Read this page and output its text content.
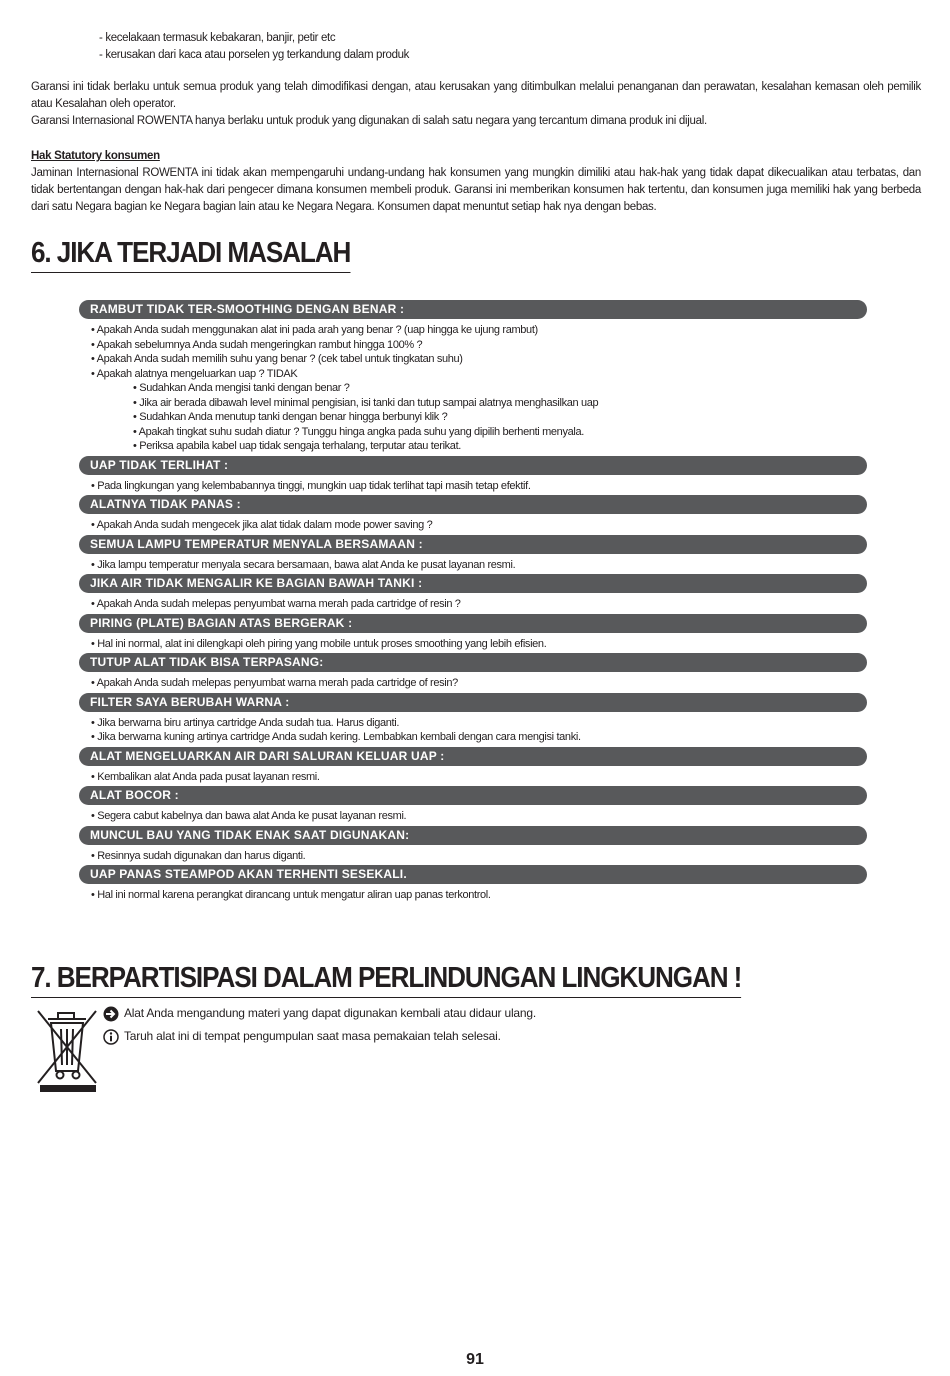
- kecelakaan termasuk kebakaran, banjir, petir etc
- kerusakan dari kaca atau porselen yg terkandung dalam produk
Garansi ini tidak berlaku untuk semua produk yang telah dimodifikasi dengan, atau kerusakan yang ditimbulkan melalui penanganan dan perawatan, kesalahan kemasan oleh pemilik atau Kesalahan oleh operator.
Garansi Internasional ROWENTA hanya berlaku untuk produk yang digunakan di salah satu negara yang tercantum dimana produk ini dijual.
Hak Statutory konsumen
Jaminan Internasional ROWENTA ini tidak akan mempengaruhi undang-undang hak konsumen yang mungkin dimiliki atau hak-hak yang tidak dapat dikecualikan atau terbatas, dan tidak bertentangan dengan hak-hak dari pengecer dimana konsumen membeli produk. Garansi ini memberikan konsumen hak tertentu, dan konsumen juga memiliki hak yang berbeda dari satu Negara bagian ke Negara bagian lain atau ke Negara Negara. Konsumen dapat menuntut setiap hak nya dengan bebas.
6. JIKA TERJADI MASALAH
RAMBUT TIDAK TER-SMOOTHING DENGAN BENAR :
• Apakah Anda sudah menggunakan alat ini pada arah yang benar ? (uap hingga ke ujung rambut)
• Apakah sebelumnya Anda sudah mengeringkan rambut hingga 100% ?
• Apakah Anda sudah memilih suhu yang benar ? (cek tabel untuk tingkatan suhu)
• Apakah alatnya mengeluarkan uap ? TIDAK
• Sudahkan Anda mengisi tanki dengan benar ?
• Jika air berada dibawah level minimal pengisian, isi tanki dan tutup sampai alatnya menghasilkan uap
• Sudahkan Anda menutup tanki dengan benar hingga berbunyi klik ?
• Apakah tingkat suhu sudah diatur ? Tunggu hinga angka pada suhu yang dipilih berhenti menyala.
• Periksa apabila kabel uap tidak sengaja terhalang, terputar atau terikat.
UAP TIDAK TERLIHAT :
• Pada lingkungan yang kelembabannya tinggi, mungkin uap tidak terlihat tapi masih tetap efektif.
ALATNYA TIDAK PANAS :
• Apakah Anda sudah mengecek jika alat tidak dalam mode power saving ?
SEMUA LAMPU TEMPERATUR MENYALA BERSAMAAN :
• Jika lampu temperatur menyala secara bersamaan, bawa alat Anda ke pusat layanan resmi.
JIKA AIR TIDAK MENGALIR KE BAGIAN BAWAH TANKI :
• Apakah Anda sudah melepas penyumbat warna merah pada cartridge of resin ?
PIRING (PLATE) BAGIAN ATAS BERGERAK :
• Hal ini normal, alat ini dilengkapi oleh piring yang mobile untuk proses smoothing yang lebih efisien.
TUTUP ALAT TIDAK BISA TERPASANG:
• Apakah Anda sudah melepas penyumbat warna merah pada cartridge of resin?
FILTER SAYA BERUBAH WARNA :
• Jika berwarna biru artinya cartridge Anda sudah tua. Harus diganti.
• Jika berwarna kuning artinya cartridge Anda sudah kering. Lembabkan kembali dengan cara mengisi tanki.
ALAT MENGELUARKAN AIR DARI SALURAN KELUAR UAP :
• Kembalikan alat Anda pada pusat layanan resmi.
ALAT BOCOR :
• Segera cabut kabelnya dan bawa alat Anda ke pusat layanan resmi.
MUNCUL BAU YANG TIDAK ENAK SAAT DIGUNAKAN:
• Resinnya sudah digunakan dan harus diganti.
UAP PANAS STEAMPOD AKAN TERHENTI SESEKALI.
• Hal ini normal karena perangkat dirancang untuk mengatur aliran uap panas terkontrol.
7. BERPARTISIPASI DALAM PERLINDUNGAN LINGKUNGAN !
Alat Anda mengandung materi yang dapat digunakan kembali atau didaur ulang.
Taruh alat ini di tempat pengumpulan saat masa pemakaian telah selesai.
91
